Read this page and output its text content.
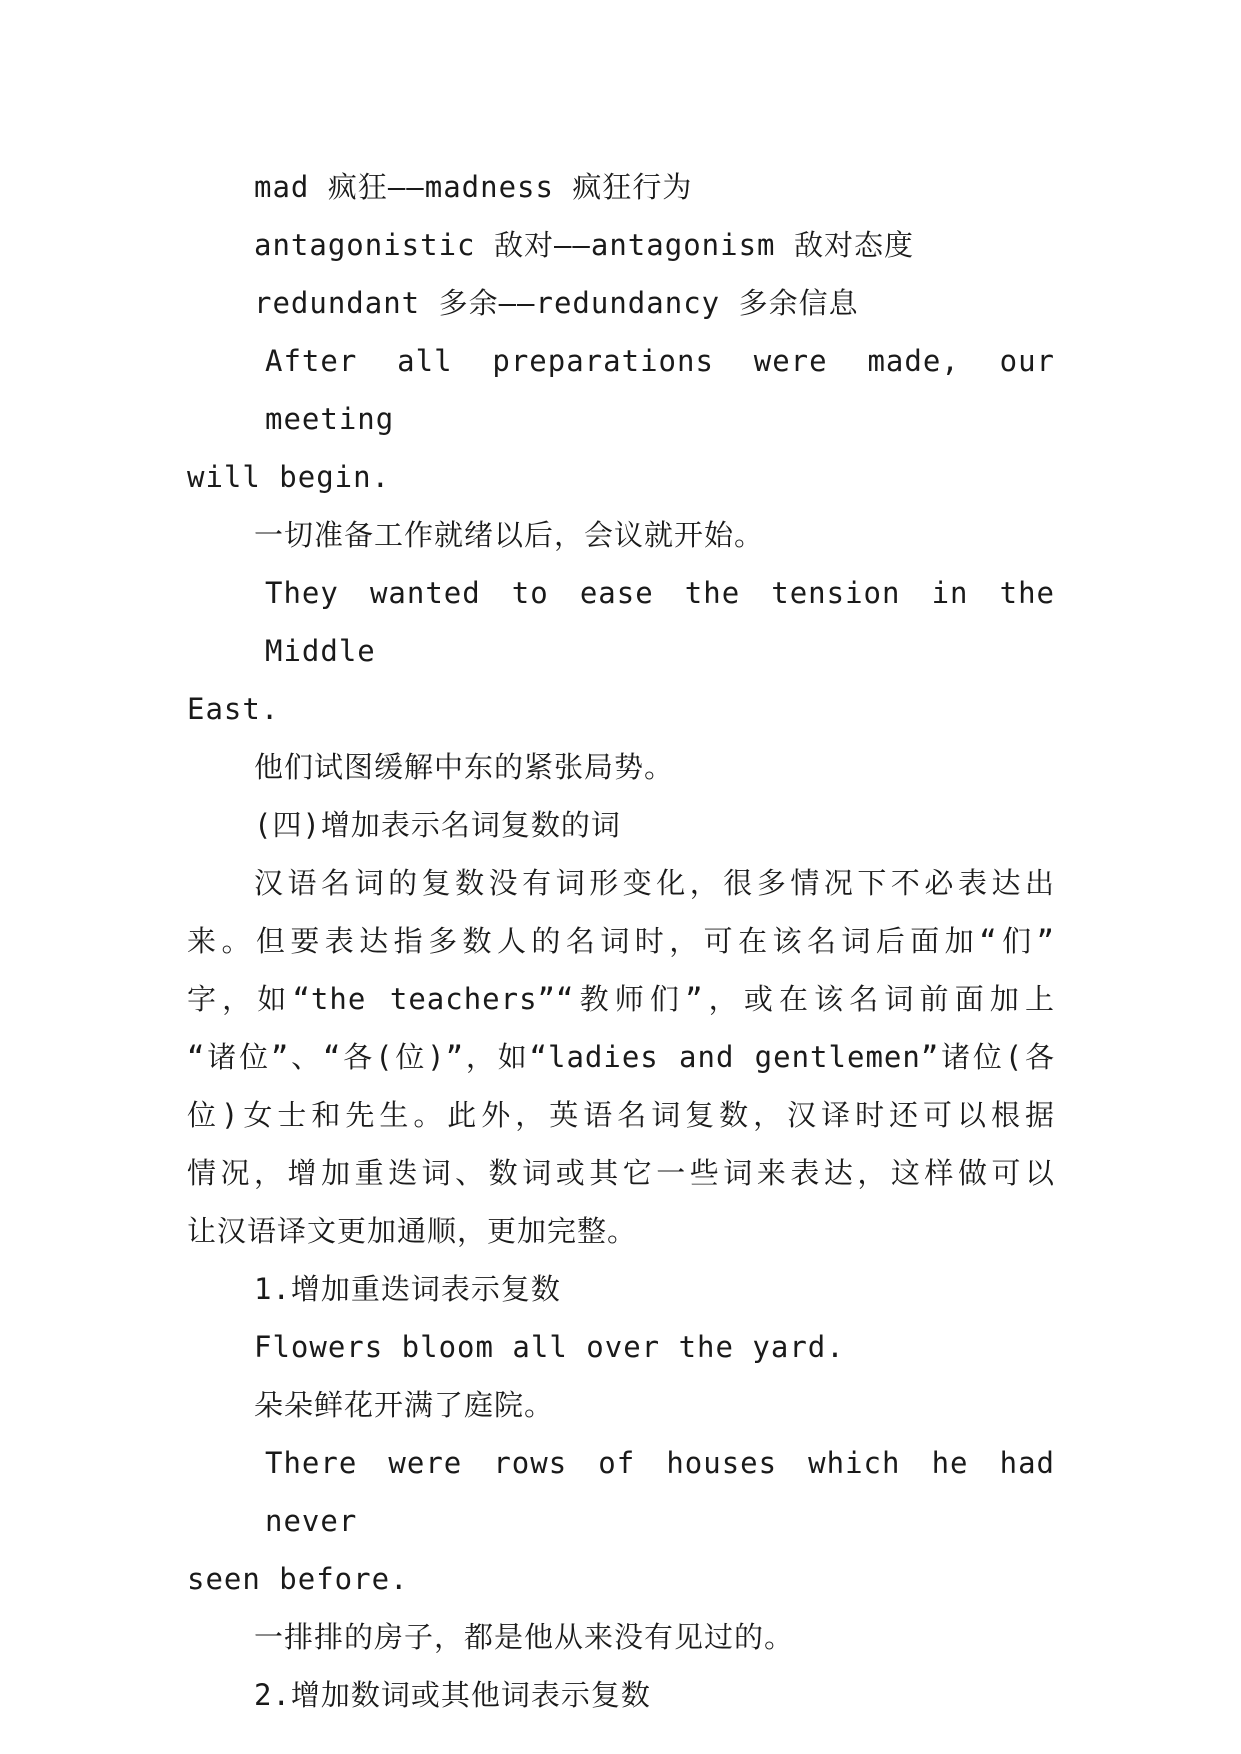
mad 疯狂——madness 疯狂行为
antagonistic 敌对——antagonism 敌对态度
redundant 多余——redundancy 多余信息
After all preparations were made, our meeting
will begin.
一切准备工作就绪以后，会议就开始。
They wanted to ease the tension in the Middle
East.
他们试图缓解中东的紧张局势。
(四)增加表示名词复数的词
汉语名词的复数没有词形变化，很多情况下不必表达出
来。但要表达指多数人的名词时，可在该名词后面加“们”
字，如“the teachers”“教师们”，或在该名词前面加上
“诸位”、“各(位)”，如“ladies and gentlemen”诸位(各
位)女士和先生。此外，英语名词复数，汉译时还可以根据
情况，增加重迭词、数词或其它一些词来表达，这样做可以
让汉语译文更加通顺，更加完整。
1.增加重迭词表示复数
Flowers bloom all over the yard.
朵朵鲜花开满了庭院。
There were rows of houses which he had never
seen before.
一排排的房子，都是他从来没有见过的。
2.增加数词或其他词表示复数
